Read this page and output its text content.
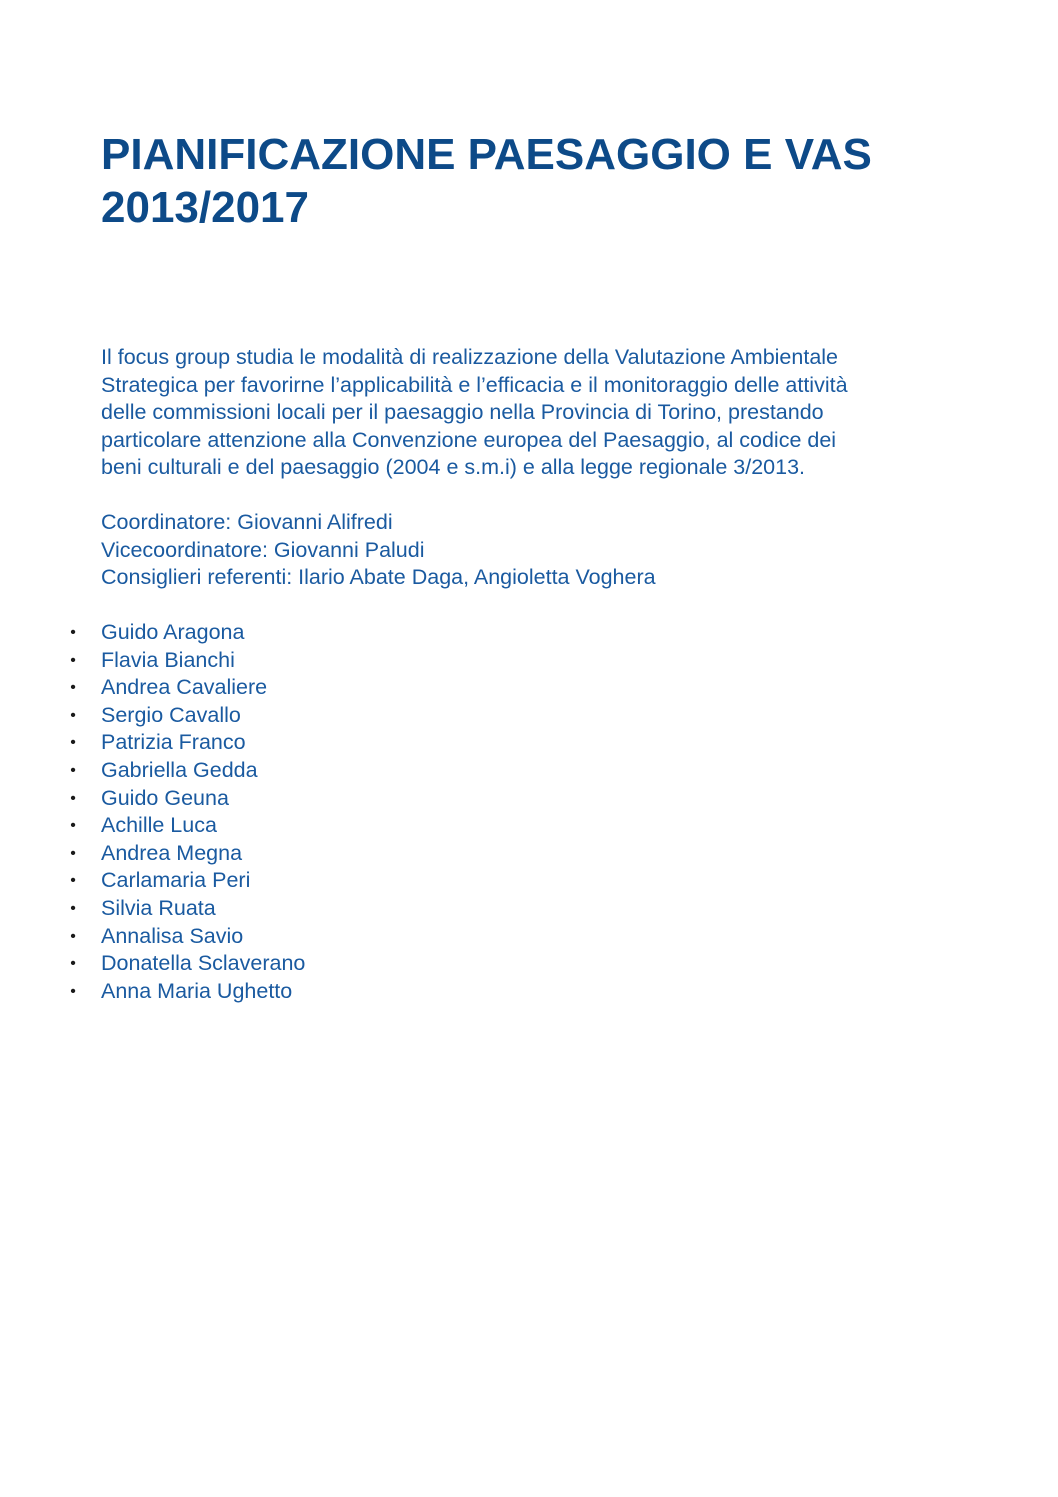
PIANIFICAZIONE PAESAGGIO E VAS
2013/2017

Il focus group studia le modalità di realizzazione della Valutazione Ambientale
Strategica per favorirne l’applicabilità e l’efficacia e il monitoraggio delle attività
delle commissioni locali per il paesaggio nella Provincia di Torino, prestando
particolare attenzione alla Convenzione europea del Paesaggio, al codice dei
beni culturali e del paesaggio (2004 e s.m.i) e alla legge regionale 3/2013.

Coordinatore: Giovanni Alifredi
Vicecoordinatore: Giovanni Paludi
Consiglieri referenti: Ilario Abate Daga, Angioletta Voghera
• Guido Aragona
• Flavia Bianchi
• Andrea Cavaliere
• Sergio Cavallo
• Patrizia Franco
• Gabriella Gedda
• Guido Geuna
• Achille Luca
• Andrea Megna
• Carlamaria Peri
• Silvia Ruata
• Annalisa Savio
• Donatella Sclaverano
• Anna Maria Ughetto
